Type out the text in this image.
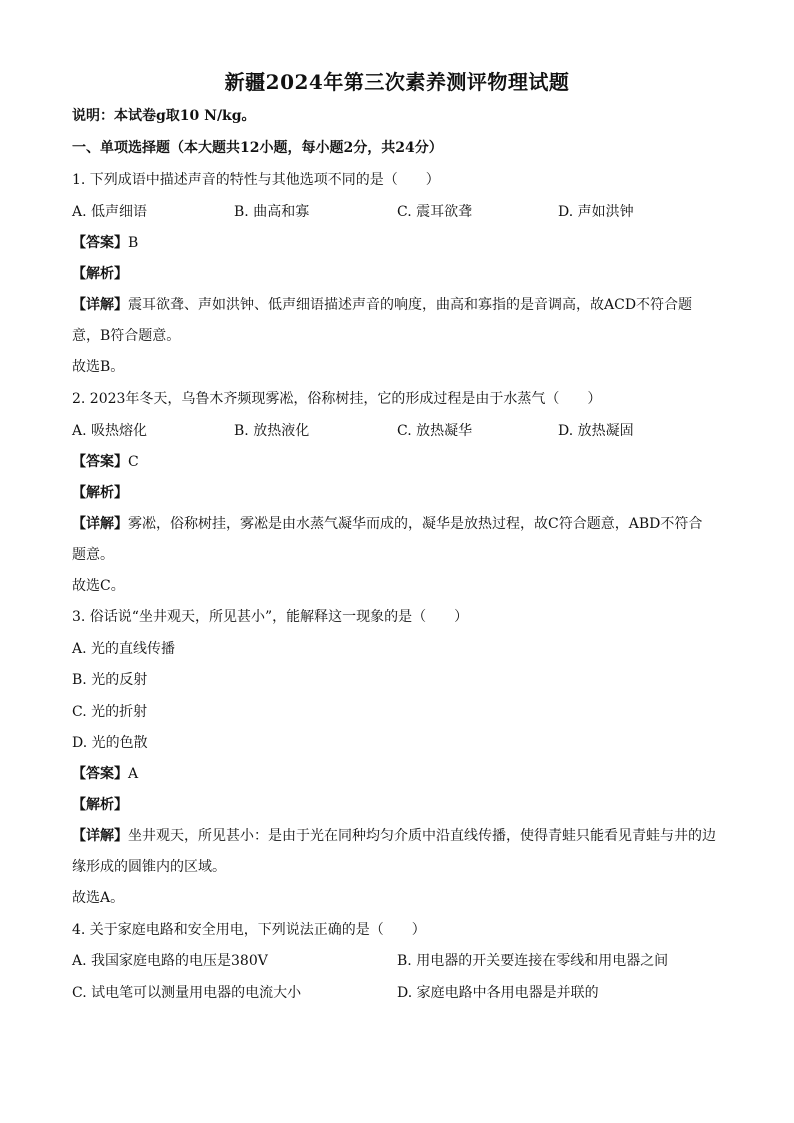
新疆2024年第三次素养测评物理试题
说明：本试卷g取10 N/kg。
一、单项选择题（本大题共12小题，每小题2分，共24分）
1. 下列成语中描述声音的特性与其他选项不同的是（　　）
A. 低声细语	B. 曲高和寡	C. 震耳欲聋	D. 声如洪钟
【答案】B
【解析】
【详解】震耳欲聋、声如洪钟、低声细语描述声音的响度，曲高和寡指的是音调高，故ACD不符合题
意，B符合题意。
故选B。
2. 2023年冬天，乌鲁木齐频现雾凇，俗称树挂，它的形成过程是由于水蒸气（　　）
A. 吸热熔化	B. 放热液化	C. 放热凝华	D. 放热凝固
【答案】C
【解析】
【详解】雾凇，俗称树挂，雾凇是由水蒸气凝华而成的，凝华是放热过程，故C符合题意，ABD不符合
题意。
故选C。
3. 俗话说“坐井观天，所见甚小”，能解释这一现象的是（　　）
A. 光的直线传播
B. 光的反射
C. 光的折射
D. 光的色散
【答案】A
【解析】
【详解】坐井观天，所见甚小：是由于光在同种均匀介质中沿直线传播，使得青蛙只能看见青蛙与井的边
缘形成的圆锥内的区域。
故选A。
4. 关于家庭电路和安全用电，下列说法正确的是（　　）
A. 我国家庭电路的电压是380V	B. 用电器的开关要连接在零线和用电器之间
C. 试电笔可以测量用电器的电流大小	D. 家庭电路中各用电器是并联的
